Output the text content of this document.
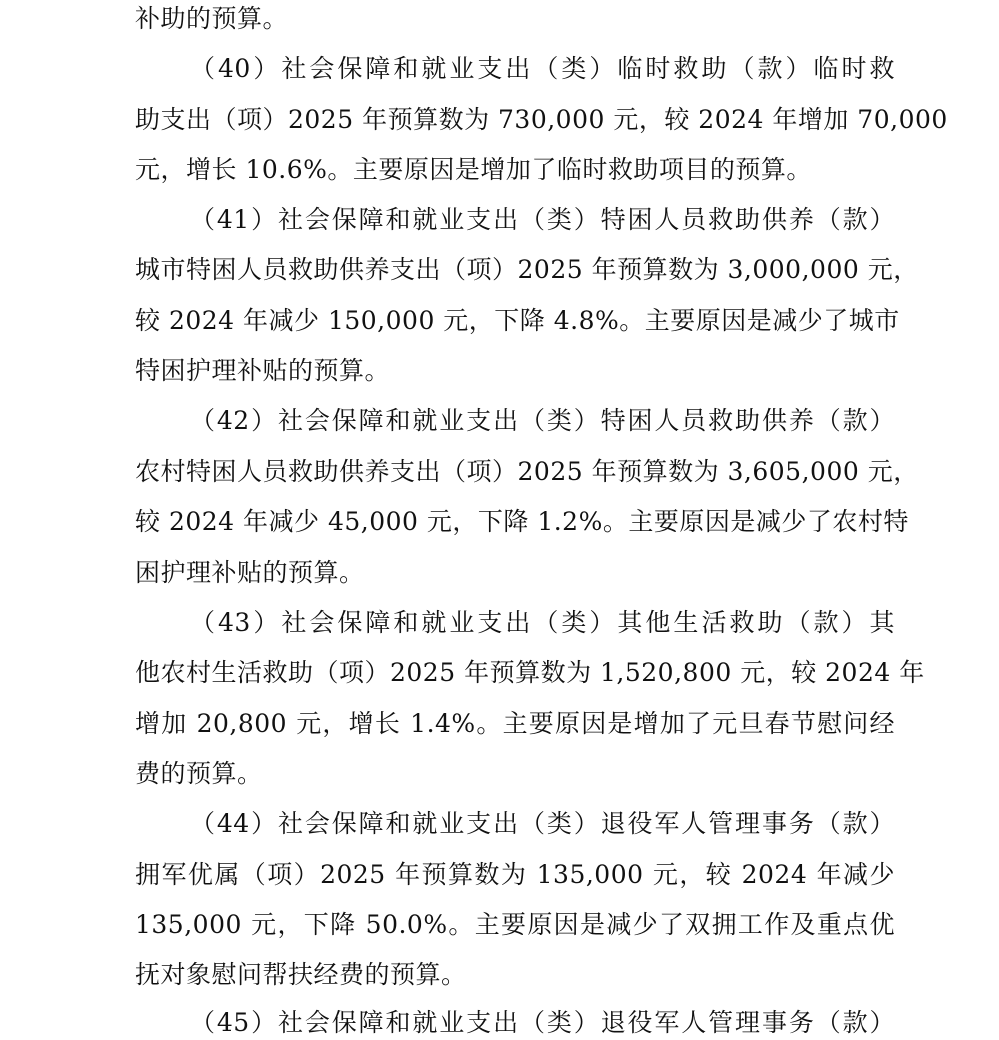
补助的预算。
（40）社会保障和就业支出（类）临时救助（款）临时救
助支出（项）2025 年预算数为 730,000 元，较 2024 年增加 70,000
元，增长 10.6%。主要原因是增加了临时救助项目的预算。
（41）社会保障和就业支出（类）特困人员救助供养（款）
城市特困人员救助供养支出（项）2025 年预算数为 3,000,000 元，
较 2024 年减少 150,000 元，下降 4.8%。主要原因是减少了城市
特困护理补贴的预算。
（42）社会保障和就业支出（类）特困人员救助供养（款）
农村特困人员救助供养支出（项）2025 年预算数为 3,605,000 元，
较 2024 年减少 45,000 元，下降 1.2%。主要原因是减少了农村特
困护理补贴的预算。
（43）社会保障和就业支出（类）其他生活救助（款）其
他农村生活救助（项）2025 年预算数为 1,520,800 元，较 2024 年
增加 20,800 元，增长 1.4%。主要原因是增加了元旦春节慰问经
费的预算。
（44）社会保障和就业支出（类）退役军人管理事务（款）
拥军优属（项）2025 年预算数为 135,000 元，较 2024 年减少
135,000 元，下降 50.0%。主要原因是减少了双拥工作及重点优
抚对象慰问帮扶经费的预算。
（45）社会保障和就业支出（类）退役军人管理事务（款）
